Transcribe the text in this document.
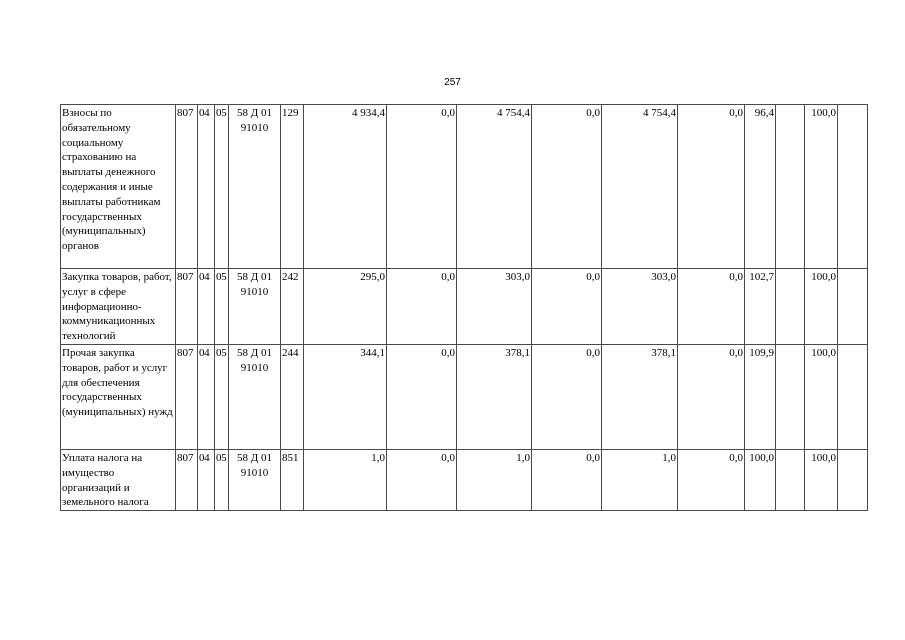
257
Взносы по обязательному социальному страхованию на выплаты денежного содержания и иные выплаты работникам государственных (муниципальных) органов	807	04	05	58 Д 01 91010	129	4 934,4	0,0	4 754,4	0,0	4 754,4	0,0	96,4		100,0	
Закупка товаров, работ, услуг в сфере информационно-коммуникационных технологий	807	04	05	58 Д 01 91010	242	295,0	0,0	303,0	0,0	303,0	0,0	102,7		100,0	
Прочая закупка товаров, работ и услуг для обеспечения государственных (муниципальных) нужд	807	04	05	58 Д 01 91010	244	344,1	0,0	378,1	0,0	378,1	0,0	109,9		100,0	
Уплата налога на имущество организаций и земельного налога	807	04	05	58 Д 01 91010	851	1,0	0,0	1,0	0,0	1,0	0,0	100,0		100,0	
